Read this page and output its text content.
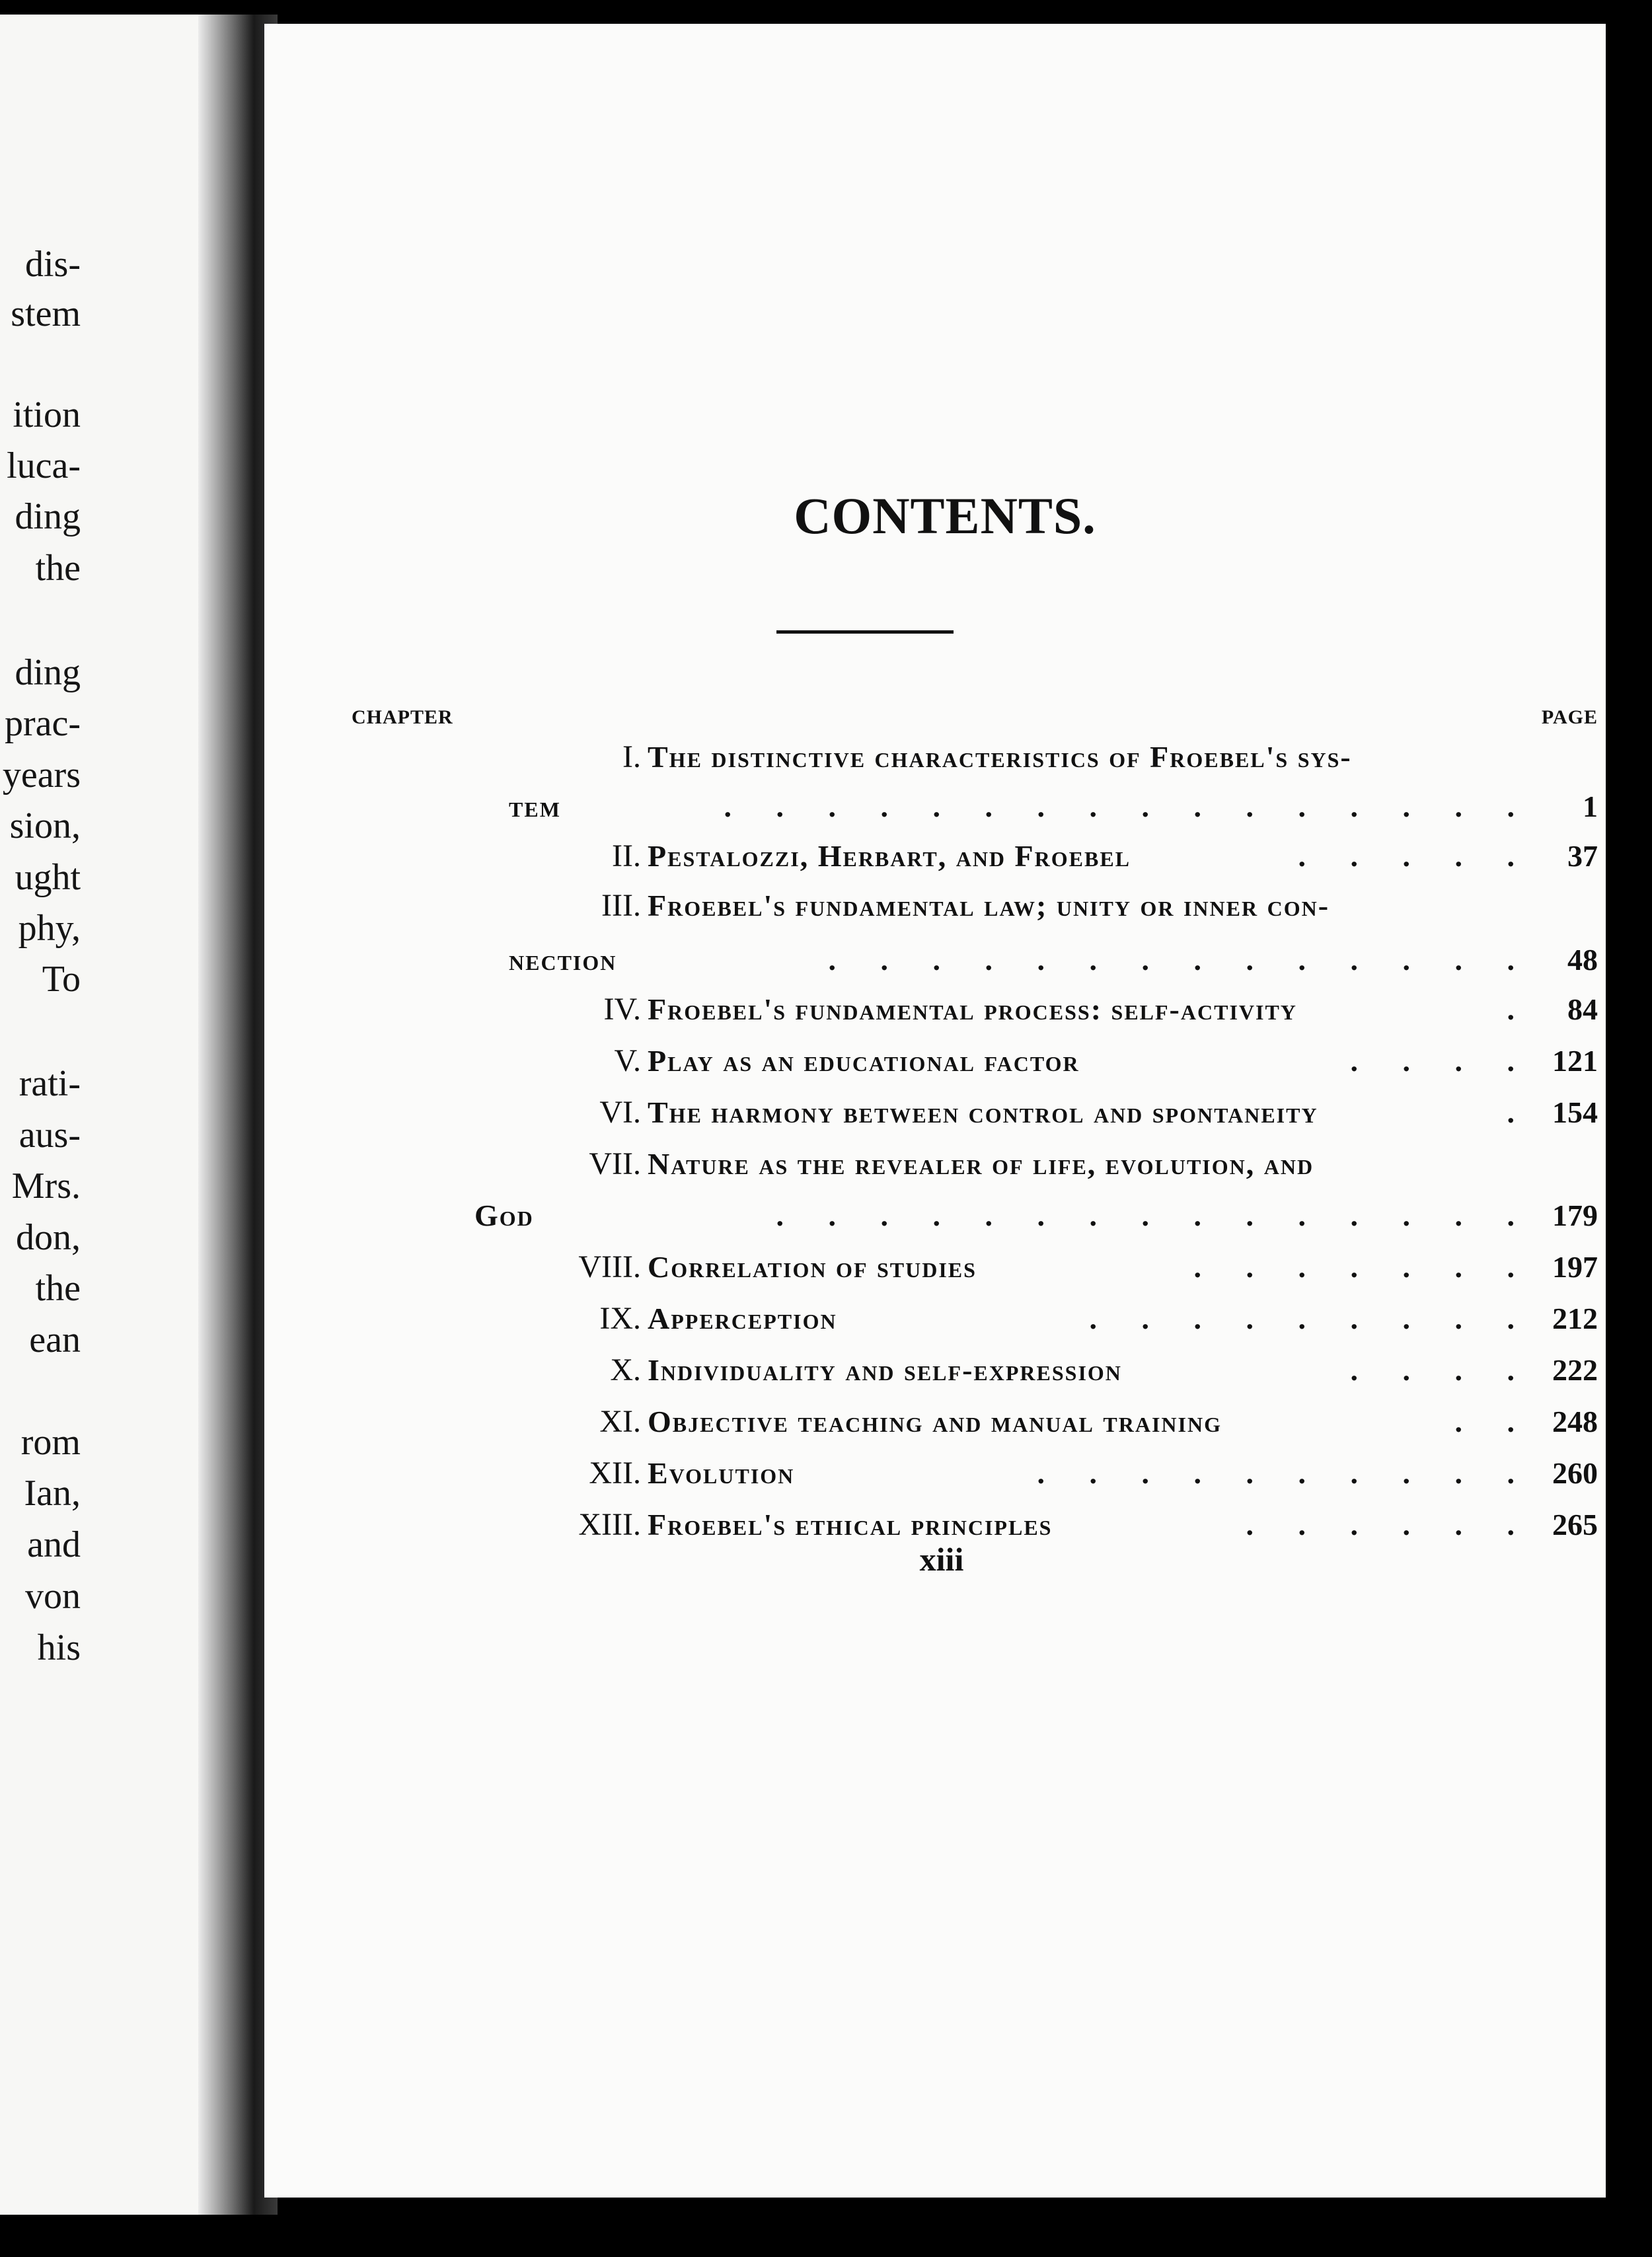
dis-
stem
ition
luca-
ding
the
ding
prac-
years
sion,
ught
phy,
To
rati-
aus-
Mrs.
don,
the
ean
rom
Ian,
and
von
his
CONTENTS.
CHAPTER	PAGE
I. The distinctive characteristics of Froebel's sys-
tem	. . . . . . . . . . . . . . . . 1
II. Pestalozzi, Herbart, and Froebel	. . . . . 37
III. Froebel's fundamental law; unity or inner con-
nection	. . . . . . . . . . . . . . 48
IV. Froebel's fundamental process: self-activity	. 84
V. Play as an educational factor	. . . . 121
VI. The harmony between control and spontaneity	. 154
VII. Nature as the revealer of life, evolution, and
God	. . . . . . . . . . . . . . . 179
VIII. Correlation of studies	. . . . . . . 197
IX. Apperception	. . . . . . . . . 212
X. Individuality and self-expression	. . . . 222
XI. Objective teaching and manual training	. . 248
XII. Evolution	. . . . . . . . . . 260
XIII. Froebel's ethical principles	. . . . . . 265
xiii
